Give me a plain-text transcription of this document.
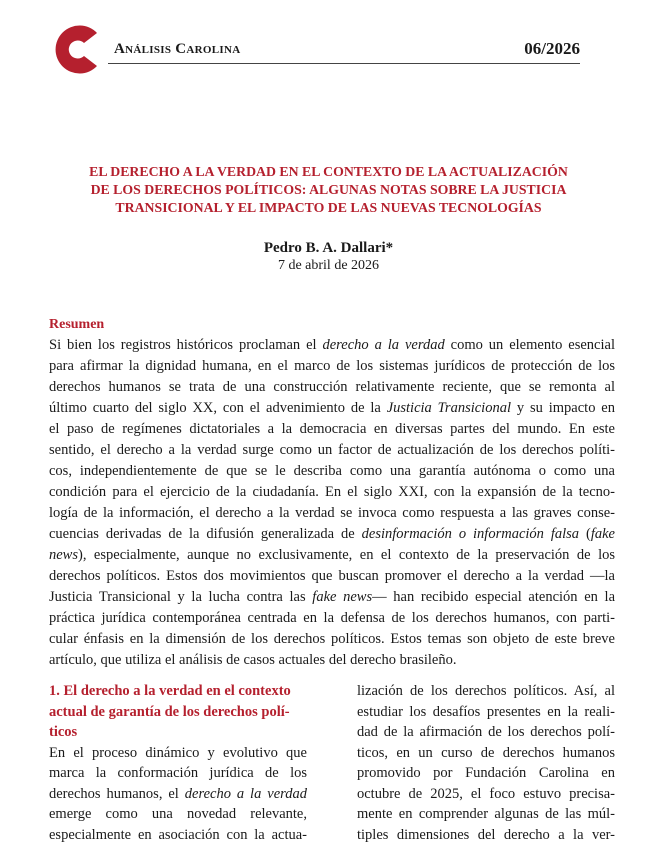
Análisis Carolina	06/2026
EL DERECHO A LA VERDAD EN EL CONTEXTO DE LA ACTUALIZACIÓN
DE LOS DERECHOS POLÍTICOS: ALGUNAS NOTAS SOBRE LA JUSTICIA
TRANSICIONAL Y EL IMPACTO DE LAS NUEVAS TECNOLOGÍAS
Pedro B. A. Dallari*
7 de abril de 2026
Resumen
Si bien los registros históricos proclaman el derecho a la verdad como un elemento esencial
para afirmar la dignidad humana, en el marco de los sistemas jurídicos de protección de los
derechos humanos se trata de una construcción relativamente reciente, que se remonta al
último cuarto del siglo XX, con el advenimiento de la Justicia Transicional y su impacto en
el paso de regímenes dictatoriales a la democracia en diversas partes del mundo. En este
sentido, el derecho a la verdad surge como un factor de actualización de los derechos políti-
cos, independientemente de que se le describa como una garantía autónoma o como una
condición para el ejercicio de la ciudadanía. En el siglo XXI, con la expansión de la tecno-
logía de la información, el derecho a la verdad se invoca como respuesta a las graves conse-
cuencias derivadas de la difusión generalizada de desinformación o información falsa (fake
news), especialmente, aunque no exclusivamente, en el contexto de la preservación de los
derechos políticos. Estos dos movimientos que buscan promover el derecho a la verdad —la
Justicia Transicional y la lucha contra las fake news— han recibido especial atención en la
práctica jurídica contemporánea centrada en la defensa de los derechos humanos, con parti-
cular énfasis en la dimensión de los derechos políticos. Estos temas son objeto de este breve
artículo, que utiliza el análisis de casos actuales del derecho brasileño.
1. El derecho a la verdad en el contexto
actual de garantía de los derechos polí-
ticos
En el proceso dinámico y evolutivo que
marca la conformación jurídica de los
derechos humanos, el derecho a la verdad
emerge como una novedad relevante,
especialmente en asociación con la actua-
lización de los derechos políticos. Así, al
estudiar los desafíos presentes en la reali-
dad de la afirmación de los derechos polí-
ticos, en un curso de derechos humanos
promovido por Fundación Carolina en
octubre de 2025, el foco estuvo precisa-
mente en comprender algunas de las múl-
tiples dimensiones del derecho a la ver-
